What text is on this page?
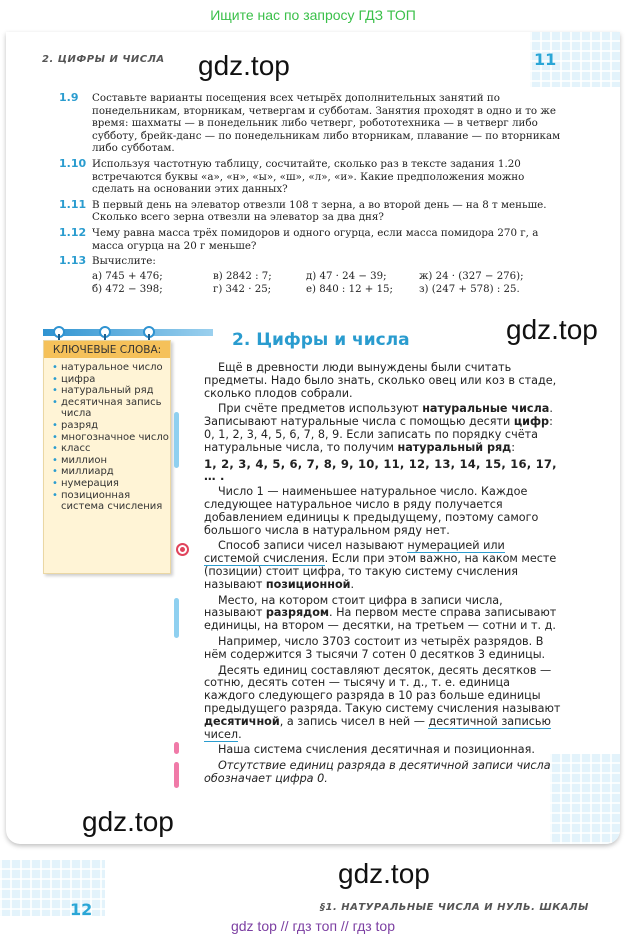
Ищите нас по запросу ГДЗ ТОП
2. ЦИФРЫ И ЧИСЛА	11
1.9 Составьте варианты посещения всех четырёх дополнительных занятий по понедельникам, вторникам, четвергам и субботам. Занятия проходят в одно и то же время: шахматы — в понедельник либо четверг, робототехника — в четверг либо субботу, брейк-данс — по понедельникам либо вторникам, плавание — по вторникам либо субботам.
1.10 Используя частотную таблицу, сосчитайте, сколько раз в тексте задания 1.20 встречаются буквы «а», «н», «ы», «ш», «л», «и». Какие предположения можно сделать на основании этих данных?
1.11 В первый день на элеватор отвезли 108 т зерна, а во второй день — на 8 т меньше. Сколько всего зерна отвезли на элеватор за два дня?
1.12 Чему равна масса трёх помидоров и одного огурца, если масса помидора 270 г, а масса огурца на 20 г меньше?
1.13 Вычислите:
а) 745 + 476;	в) 2842 : 7;	д) 47 · 24 − 39;	ж) 24 · (327 − 276);
б) 472 − 398;	г) 342 · 25;	е) 840 : 12 + 15;	з) (247 + 578) : 25.
КЛЮЧЕВЫЕ СЛОВА:
• натуральное число
• цифра
• натуральный ряд
• десятичная запись числа
• разряд
• многозначное число
• класс
• миллион
• миллиард
• нумерация
• позиционная система счисления
2. Цифры и числа

Ещё в древности люди вынуждены были считать предметы. Надо было знать, сколько овец или коз в стаде, сколько плодов собрали.

При счёте предметов используют натуральные числа. Записывают натуральные числа с помощью десяти цифр: 0, 1, 2, 3, 4, 5, 6, 7, 8, 9. Если записать по порядку счёта натуральные числа, то получим натуральный ряд:

1, 2, 3, 4, 5, 6, 7, 8, 9, 10, 11, 12, 13, 14, 15, 16, 17, … .

Число 1 — наименьшее натуральное число. Каждое следующее натуральное число в ряду получается добавлением единицы к предыдущему, поэтому самого большого числа в натуральном ряду нет.

Способ записи чисел называют нумерацией или системой счисления. Если при этом важно, на каком месте (позиции) стоит цифра, то такую систему счисления называют позиционной.

Место, на котором стоит цифра в записи числа, называют разрядом. На первом месте справа записывают единицы, на втором — десятки, на третьем — сотни и т. д.

Например, число 3703 состоит из четырёх разрядов. В нём содержится 3 тысячи 7 сотен 0 десятков 3 единицы.

Десять единиц составляют десяток, десять десятков — сотню, десять сотен — тысячу и т. д., т. е. единица каждого следующего разряда в 10 раз больше единицы предыдущего разряда. Такую систему счисления называют десятичной, а запись чисел в ней — десятичной записью чисел.

Наша система счисления десятичная и позиционная.

Отсутствие единиц разряда в десятичной записи числа обозначает цифра 0.

gdz.top
gdz.top
gdz.top
gdz.top
12	§1. НАТУРАЛЬНЫЕ ЧИСЛА И НУЛЬ. ШКАЛЫ
gdz top // гдз топ // гдз top
